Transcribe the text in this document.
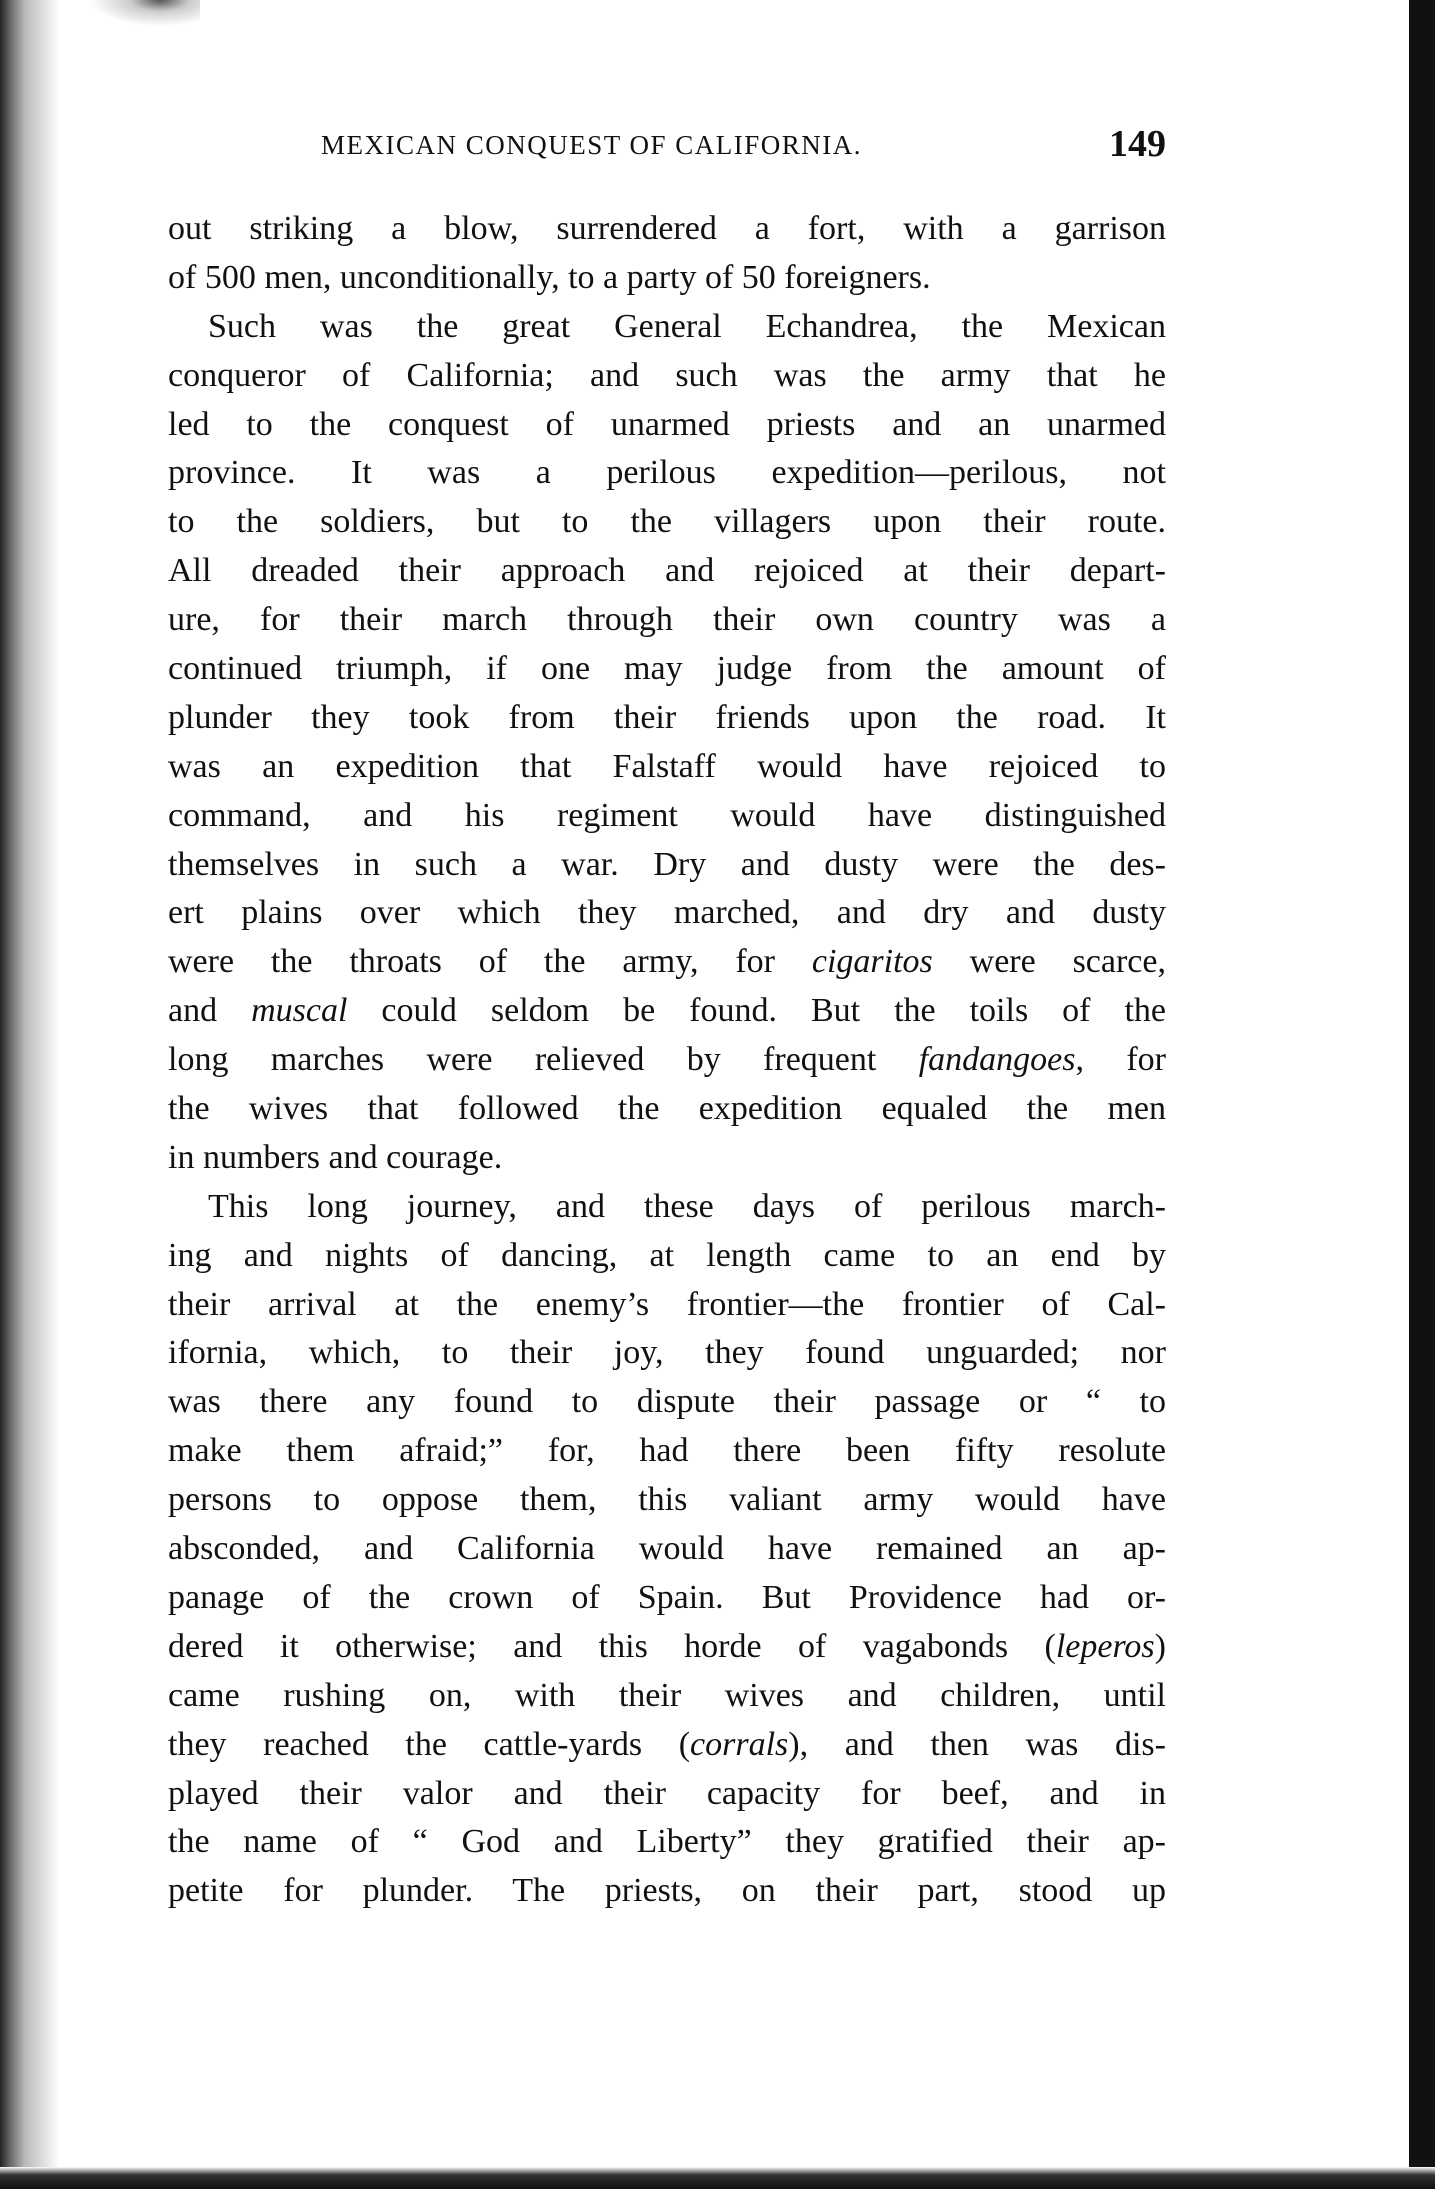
MEXICAN CONQUEST OF CALIFORNIA.	149
out striking a blow, surrendered a fort, with a garrison
of 500 men, unconditionally, to a party of 50 foreigners.
Such was the great General Echandrea, the Mexican
conqueror of California; and such was the army that he
led to the conquest of unarmed priests and an unarmed
province. It was a perilous expedition—perilous, not
to the soldiers, but to the villagers upon their route.
All dreaded their approach and rejoiced at their depart-
ure, for their march through their own country was a
continued triumph, if one may judge from the amount of
plunder they took from their friends upon the road. It
was an expedition that Falstaff would have rejoiced to
command, and his regiment would have distinguished
themselves in such a war. Dry and dusty were the des-
ert plains over which they marched, and dry and dusty
were the throats of the army, for cigaritos were scarce,
and muscal could seldom be found. But the toils of the
long marches were relieved by frequent fandangoes, for
the wives that followed the expedition equaled the men
in numbers and courage.
This long journey, and these days of perilous march-
ing and nights of dancing, at length came to an end by
their arrival at the enemy’s frontier—the frontier of Cal-
ifornia, which, to their joy, they found unguarded; nor
was there any found to dispute their passage or “ to
make them afraid;” for, had there been fifty resolute
persons to oppose them, this valiant army would have
absconded, and California would have remained an ap-
panage of the crown of Spain. But Providence had or-
dered it otherwise; and this horde of vagabonds (leperos)
came rushing on, with their wives and children, until
they reached the cattle-yards (corrals), and then was dis-
played their valor and their capacity for beef, and in
the name of “ God and Liberty” they gratified their ap-
petite for plunder. The priests, on their part, stood up
